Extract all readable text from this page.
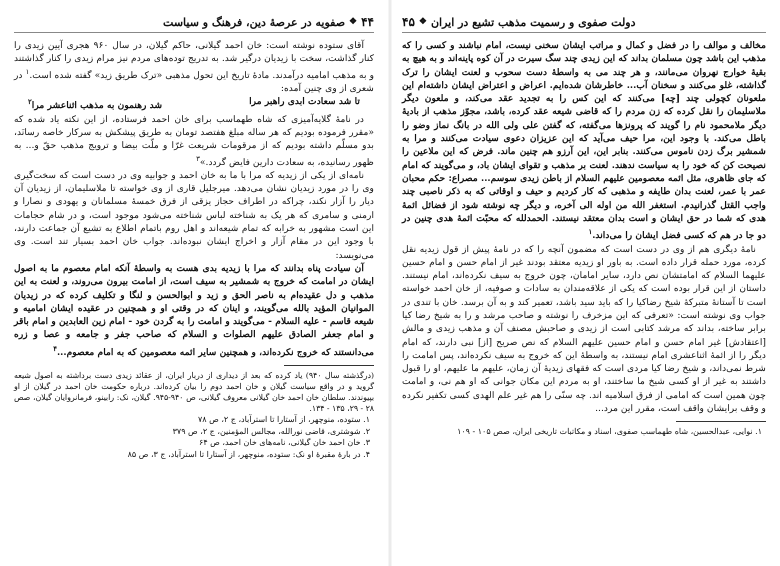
۴۴
❖
صفویه در عرصهٔ دین، فرهنگ و سیاست

آقای ستوده نوشته است: خان احمد گیلانی، حاکم گیلان، در سال ۹۶۰ هجری آیین زیدی را کنار گذاشت، سخت با زیدیان درگیر شد. به تدریج توده‌های مردم نیز مرام زیدی را کنار گذاشتند و به مذهب امامیه درآمدند. مادهٔ تاریخ این تحول مذهبی «ترک طریق زید» گفته شده است.$^۱$ در شعری از وی چنین آمده:

تا شد سعادت ابدی راهبر مرا
شد رهنمون به مذهب اثناعشر مرا$^۲$

در نامهٔ گلایه‌آمیزی که شاه طهماسب برای خان احمد فرستاده، از این نکته یاد شده که «مقرر فرموده بودیم که هر ساله مبلغ هفتصد تومان به طریق پیشکش به سرکار خاصه رسانَد، بدو مسلّم داشته بودیم که از مرقومات شریعت غرّا و ملّت بیضا و ترویج مذهب حقّ و... به ظهور رسانیده، به سعادت دارین فایض گردد.»$^۳$

نامه‌ای از یکی از زیدیه که مرا با ما به خان احمد و جوابیه وی در دست است که سخت‌گیری وی را در مورد زیدیان نشان می‌دهد. میرجلیل قاری از وی خواسته تا ملاسلیمان، از زیدیان آن دیار را آزار نکند، چراکه در اطراف حجاز یزقی از فرق خمسهٔ مسلمانان و یهودی و نصارا و ارمنی و سامری که هر یک به شناخته لباس شناخته می‌شود موجود است، و در شام حجامات این است مشهور به خرابه که تمام شیعه‌اند و اهل روم باتمام اطلاع به تشیع آن جماعت دارند، با وجود این در مقام آزار و اخراج ایشان نبوده‌اند. جواب خان احمد بسیار تند است. وی می‌نویسد:

آن سیادت پناه بدانند که مرا با زیدیه بدی هست به واسطهٔ آنکه امام معصوم ما به اصول ایشان در امامت که خروج به شمشیر به سیف است، از امامت بیرون می‌روند، و لعنت به این مذهب و دل عقیده‌ام به ناصر الحق و زید و ابوالحسن و لنگا و تکلیف کرده که در زیدیان الموانیان المؤید بالله می‌گویند، و اینان که در وقتی او و همچنین در عقیده ایشان امامیه و شیعه قاسم - علیه السلام - می‌گویند و امامت را به گردن خود - امام زین العابدین و امام باقر و امام جعفر الصادق علیهم الصلوات و السلام که صاحب جفر و جامعه و عصا و زره می‌دانستند که خروج نکرده‌اند، و همچنین سایر ائمه معصومین که به امام معصوم...$^۴$

(درگذشته سال ۹۴۰) یاد کرده که بعد از دیداری از دربار ایران، از عقائد زیدی دست برداشته به اصول شیعه گروید و در واقع سیاست گیلان و خان احمد دوم را بیان کرده‌اند. درباره حکومت خان احمد در گیلان از او بپیوندند. سلطان خان احمد خان گیلانی معروف گیلانی، ص ۹۴۰-۹۴۵. گیلان، نک: رابینو، فرمانروایان گیلان، صص ۲۸ - ۲۹، ۱۳۵ - ۱۳۴.

۱. ستوده، منوچهر، از آستارا تا استرآباد، ج ۲، ص ۷۸

۲. شوشتری، قاضی نورالله، مجالس المؤمنین، ج ۲، ص ۳۷۹

۳. خان احمد خان گیلانی، نامه‌های خان احمد، ص ۶۴

۴. در بارهٔ مقبرهٔ او نک: ستوده، منوچهر، از آستارا تا استرآباد، ج ۳، ص ۸۵

دولت صفوی و رسمیت مذهب تشیع در ایران
❖
۴۵

مخالف و موالف را در فضل و کمال و مراتب ایشان سخنی نیست، امام نباشند و کسی را که مذهب این باشد چون مسلمان بداند که این زیدی چند سگ سیرت در آن کوه پاینه‌اند و به هیچ به بقیهٔ خوارج نهروان می‌مانند، و هر چند می به واسطهٔ دست سحوب و لعنت ایشان را ترک گذاشته، غلو می‌کنند و سخنان آب... خاطرشان شده‌ایم. اعراض و اعتراض ایشان داشته‌ام این ملعونان کچولی چند [چه] می‌کنند که این کس را به تجدید عقد می‌کند، و ملعون دیگر ملاسلیمان را نقل کرده که زن مردم را که قاضی شیعه عقد کرده، باشد، مجوّز مذهب از بادیهٔ دیگر ملامحمود نام را گویند که پرونزها می‌گفته، که گفتن علی ولی الله در بانگ نماز وضو را باطل می‌کند. با وجود این، مرا حیف می‌آید که این عزیزان دعوی سیادت می‌کنند و مرا به شمشیر برگ زدن ناموس می‌کنند. بنابر این، این آرزو هم چنین ماند. فرض که این ملاعین را نصیحت کن که خود را به سیاست ندهند. لعنت بر مذهب و تقوای ایشان باد، و می‌گویند که امام که جای ظاهری، مثل ائمه معصومین علیهم السلام از باطن زیدی سوسم... مصراع: حکم محبان عمر با عمر، لعنت بدان طایفه و مذهبی که کار کردیم و حیف و اوقاتی که به ذکر ناصبی چند واجب القتل گذرانیدم. استغفر الله من اوله الی آخره، و دیگر چه نوشته شود از فضائل ائمهٔ هدی که شما در حق ایشان و است بدان معتقد نیستند. الحمدلله که محبّت ائمهٔ هدی چنین در دو جا در هم که کسی فضل ایشان را می‌داند.$^۱$

نامهٔ دیگری هم از وی در دست است که مضمون آنچه را که در نامهٔ پیش از قول زیدیه نقل کرده، مورد حمله قرار داده است. به باور او زیدیه معتقد بودند غیر از امام حسن و امام حسین علیهما السلام که امامتشان نص دارد، سایر امامان، چون خروج به سیف نکرده‌اند، امام نیستند. داستان از این قرار بوده است که یکی از علاقه‌مندان به سادات و صوفیه، از خان احمد خواسته است تا آستانهٔ متبرکهٔ شیخ رضاکیا را که باید سید باشد، تعمیر کند و به آن برسد. خان با تندی در جواب وی نوشته است: «تعرفی که این مزخرف را نوشته و صاحب مرشد و را به شیخ رضا کیا برابر ساخته، بداند که مرشد کتابی است از زیدی و صاحبش مصنف آن و مذهب زیدی و مالش [اعتقادش] غیر امام حسن و امام حسین علیهم السلام که نص صریح [از] نبی دارند، که امام دیگر را از ائمهٔ اثناعشری امام نیستند، به واسطهٔ این که خروج به سیف نکرده‌اند، پس امامت را شرط نمی‌داند، و شیخ رضا کیا مردی است که فقهای زیدیهٔ آن زمان، علیهم ما علیهم، او را قبول داشتند به غیر از او کسی شیخ ما ساختند، او به مردم این مکان جوانی که او هم نی، و امامت چون همین است که امامی از فرق اسلامیه اند. چه سنّی را هم غیر علم الهدی کسی تکفیر نکرده و وقف برایشان واقف است، مقرر این مرد...

۱. نوایی، عبدالحسین، شاه طهماسب صفوی، اسناد و مکاتبات تاریخی ایران، صص ۱۰۵ - ۱۰۹
